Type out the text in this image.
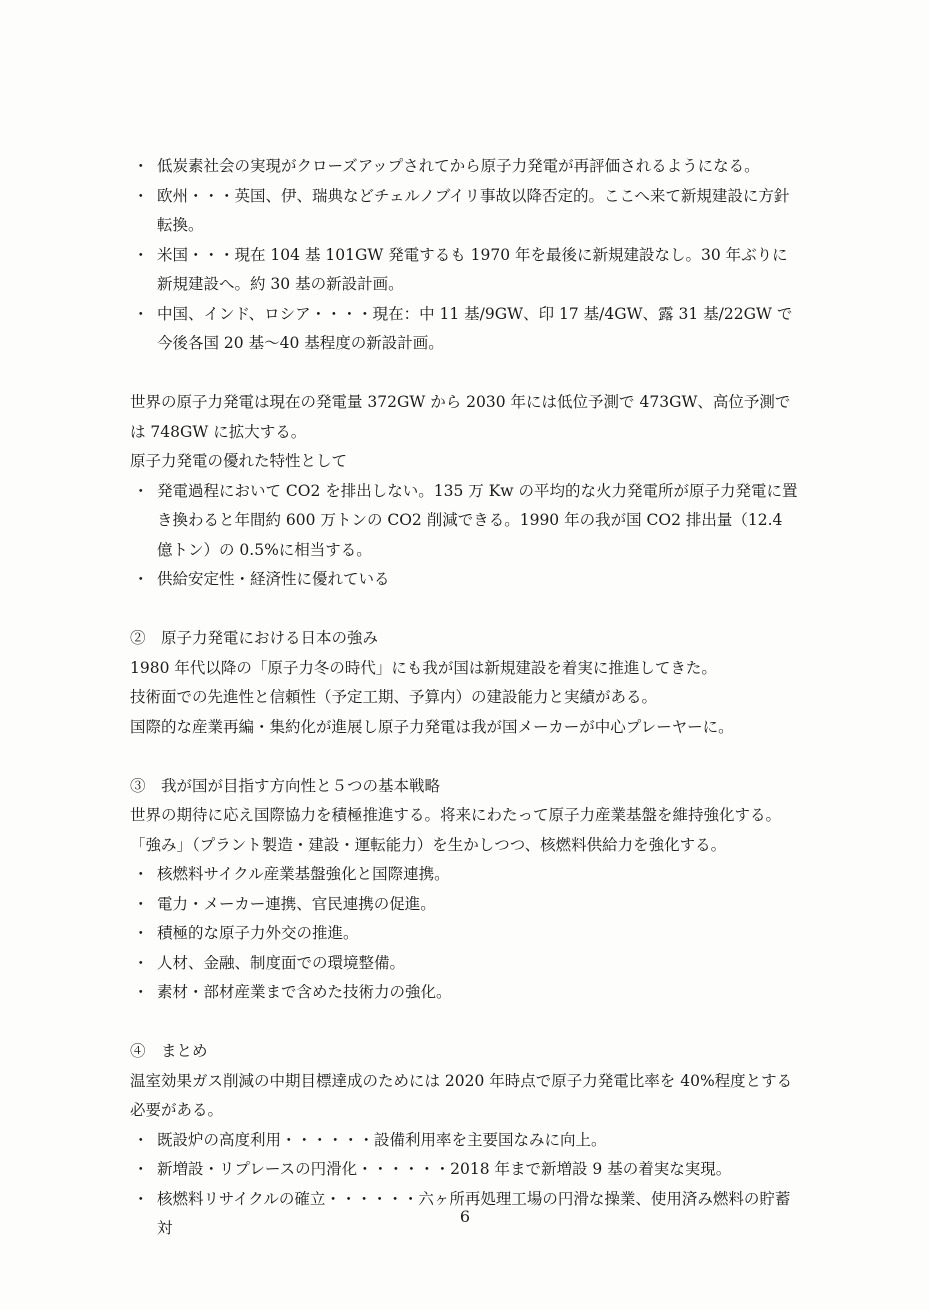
・ 低炭素社会の実現がクローズアップされてから原子力発電が再評価されるようになる。
・ 欧州・・・英国、伊、瑞典などチェルノブイリ事故以降否定的。ここへ来て新規建設に方針転換。
・ 米国・・・現在 104 基 101GW 発電するも 1970 年を最後に新規建設なし。30 年ぶりに新規建設へ。約 30 基の新設計画。
・ 中国、インド、ロシア・・・・現在：中 11 基/9GW、印 17 基/4GW、露 31 基/22GW で今後各国 20 基〜40 基程度の新設計画。

世界の原子力発電は現在の発電量 372GW から 2030 年には低位予測で 473GW、高位予測では 748GW に拡大する。

原子力発電の優れた特性として

・ 発電過程において CO2 を排出しない。135 万 Kw の平均的な火力発電所が原子力発電に置き換わると年間約 600 万トンの CO2 削減できる。1990 年の我が国 CO2 排出量（12.4 億トン）の 0.5%に相当する。
・ 供給安定性・経済性に優れている

②　原子力発電における日本の強み

1980 年代以降の「原子力冬の時代」にも我が国は新規建設を着実に推進してきた。

技術面での先進性と信頼性（予定工期、予算内）の建設能力と実績がある。

国際的な産業再編・集約化が進展し原子力発電は我が国メーカーが中心プレーヤーに。

③　我が国が目指す方向性と５つの基本戦略

世界の期待に応え国際協力を積極推進する。将来にわたって原子力産業基盤を維持強化する。「強み」（プラント製造・建設・運転能力）を生かしつつ、核燃料供給力を強化する。

・ 核燃料サイクル産業基盤強化と国際連携。
・ 電力・メーカー連携、官民連携の促進。
・ 積極的な原子力外交の推進。
・ 人材、金融、制度面での環境整備。
・ 素材・部材産業まで含めた技術力の強化。

④　まとめ

温室効果ガス削減の中期目標達成のためには 2020 年時点で原子力発電比率を 40%程度とする必要がある。

・ 既設炉の高度利用・・・・・・設備利用率を主要国なみに向上。
・ 新増設・リプレースの円滑化・・・・・・2018 年まで新増設 9 基の着実な実現。
・ 核燃料リサイクルの確立・・・・・・六ヶ所再処理工場の円滑な操業、使用済み燃料の貯蓄対
6
